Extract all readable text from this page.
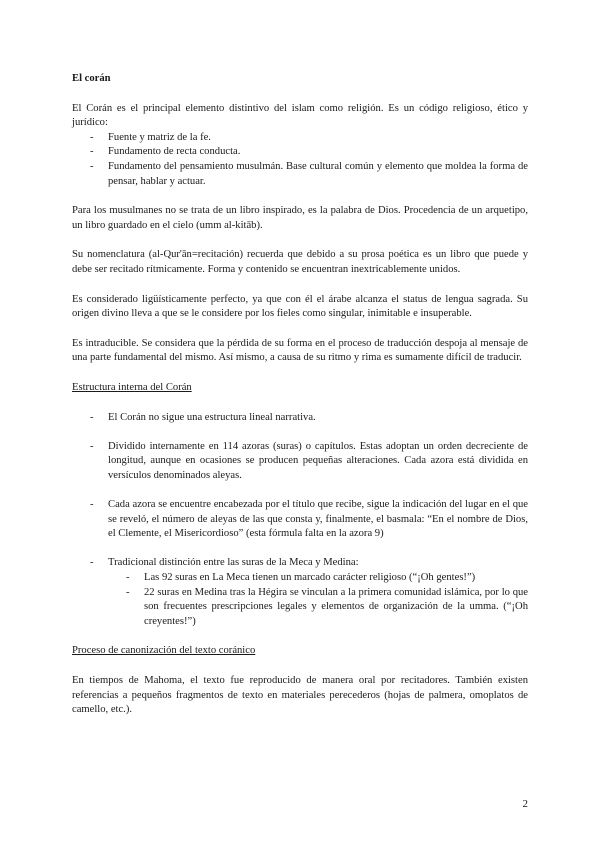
El corán

El Corán es el principal elemento distintivo del islam como religión. Es un código religioso, ético y jurídico:

- Fuente y matriz de la fe.
- Fundamento de recta conducta.
- Fundamento del pensamiento musulmán. Base cultural común y elemento que moldea la forma de pensar, hablar y actuar.

Para los musulmanes no se trata de un libro inspirado, es la palabra de Dios. Procedencia de un arquetipo, un libro guardado en el cielo (umm al-kitāb).

Su nomenclatura (al-Qur'ān=recitación) recuerda que debido a su prosa poética es un libro que puede y debe ser recitado rítmicamente. Forma y contenido se encuentran inextricablemente unidos.

Es considerado ligüísticamente perfecto, ya que con él el árabe alcanza el status de lengua sagrada. Su origen divino lleva a que se le considere por los fieles como singular, inimitable e insuperable.

Es intraducible. Se considera que la pérdida de su forma en el proceso de traducción despoja al mensaje de una parte fundamental del mismo. Así mismo, a causa de su ritmo y rima es sumamente difícil de traducir.

Estructura interna del Corán
- El Corán no sigue una estructura lineal narrativa.
- Dividido internamente en 114 azoras (suras) o capítulos. Estas adoptan un orden decreciente de longitud, aunque en ocasiones se producen pequeñas alteraciones. Cada azora está dividida en versículos denominados aleyas.
- Cada azora se encuentre encabezada por el título que recibe, sigue la indicación del lugar en el que se reveló, el número de aleyas de las que consta y, finalmente, el basmala: “En el nombre de Dios, el Clemente, el Misericordioso” (esta fórmula falta en la azora 9)
- Tradicional distinción entre las suras de la Meca y Medina:
- Las 92 suras en La Meca tienen un marcado carácter religioso (“¡Oh gentes!”)
- 22 suras en Medina tras la Hégira se vinculan a la primera comunidad islámica, por lo que son frecuentes prescripciones legales y elementos de organización de la umma. (“¡Oh creyentes!”)
Proceso de canonización del texto coránico

En tiempos de Mahoma, el texto fue reproducido de manera oral por recitadores. También existen referencias a pequeños fragmentos de texto en materiales perecederos (hojas de palmera, omoplatos de camello, etc.).

2
